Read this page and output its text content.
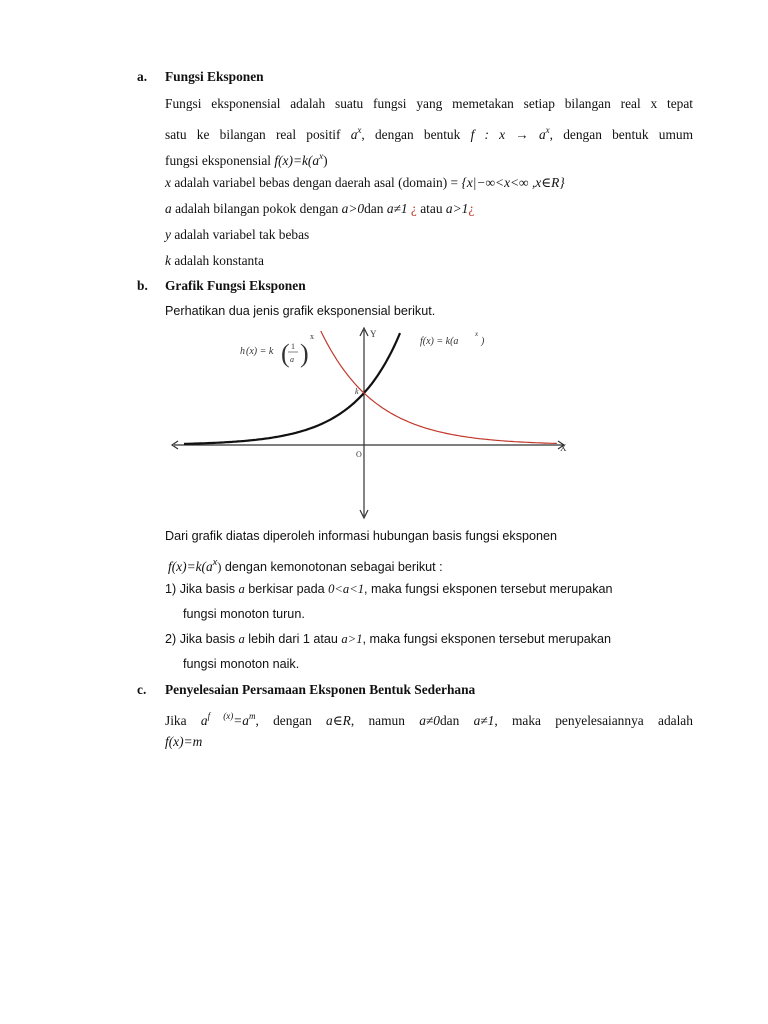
a. Fungsi Eksponen
Fungsi eksponensial adalah suatu fungsi yang memetakan setiap bilangan real x tepat
satu ke bilangan real positif $a^x$, dengan bentuk f : $x \to a^x$, dengan bentuk umum
fungsi eksponensial $f(x)=k(a^x)$
x adalah variabel bebas dengan daerah asal (domain) = {x|−∞<x<∞ ,x∈R}
a adalah bilangan pokok dengan a>0dan a≠1 ¿ atau a>1¿
y adalah variabel tak bebas
k adalah konstanta
b. Grafik Fungsi Eksponen
Perhatikan dua jenis grafik eksponensial berikut.
Y
X
O
k
h (x) = k ( 1
a )
x	f(x) = k(a
x
)
Dari grafik diatas diperoleh informasi hubungan basis fungsi eksponen
$f(x)=k(a^x)$ dengan kemonotonan sebagai berikut :
1) Jika basis a berkisar pada 0<a<1, maka fungsi eksponen tersebut merupakan
fungsi monoton turun.
2) Jika basis a lebih dari 1 atau a>1, maka fungsi eksponen tersebut merupakan
fungsi monoton naik.
c. Penyelesaian Persamaan Eksponen Bentuk Sederhana
Jika $a^{f (x)}=a^m$, dengan a∈R, namun a≠0dan a≠1, maka penyelesaiannya adalah
f(x)=m
